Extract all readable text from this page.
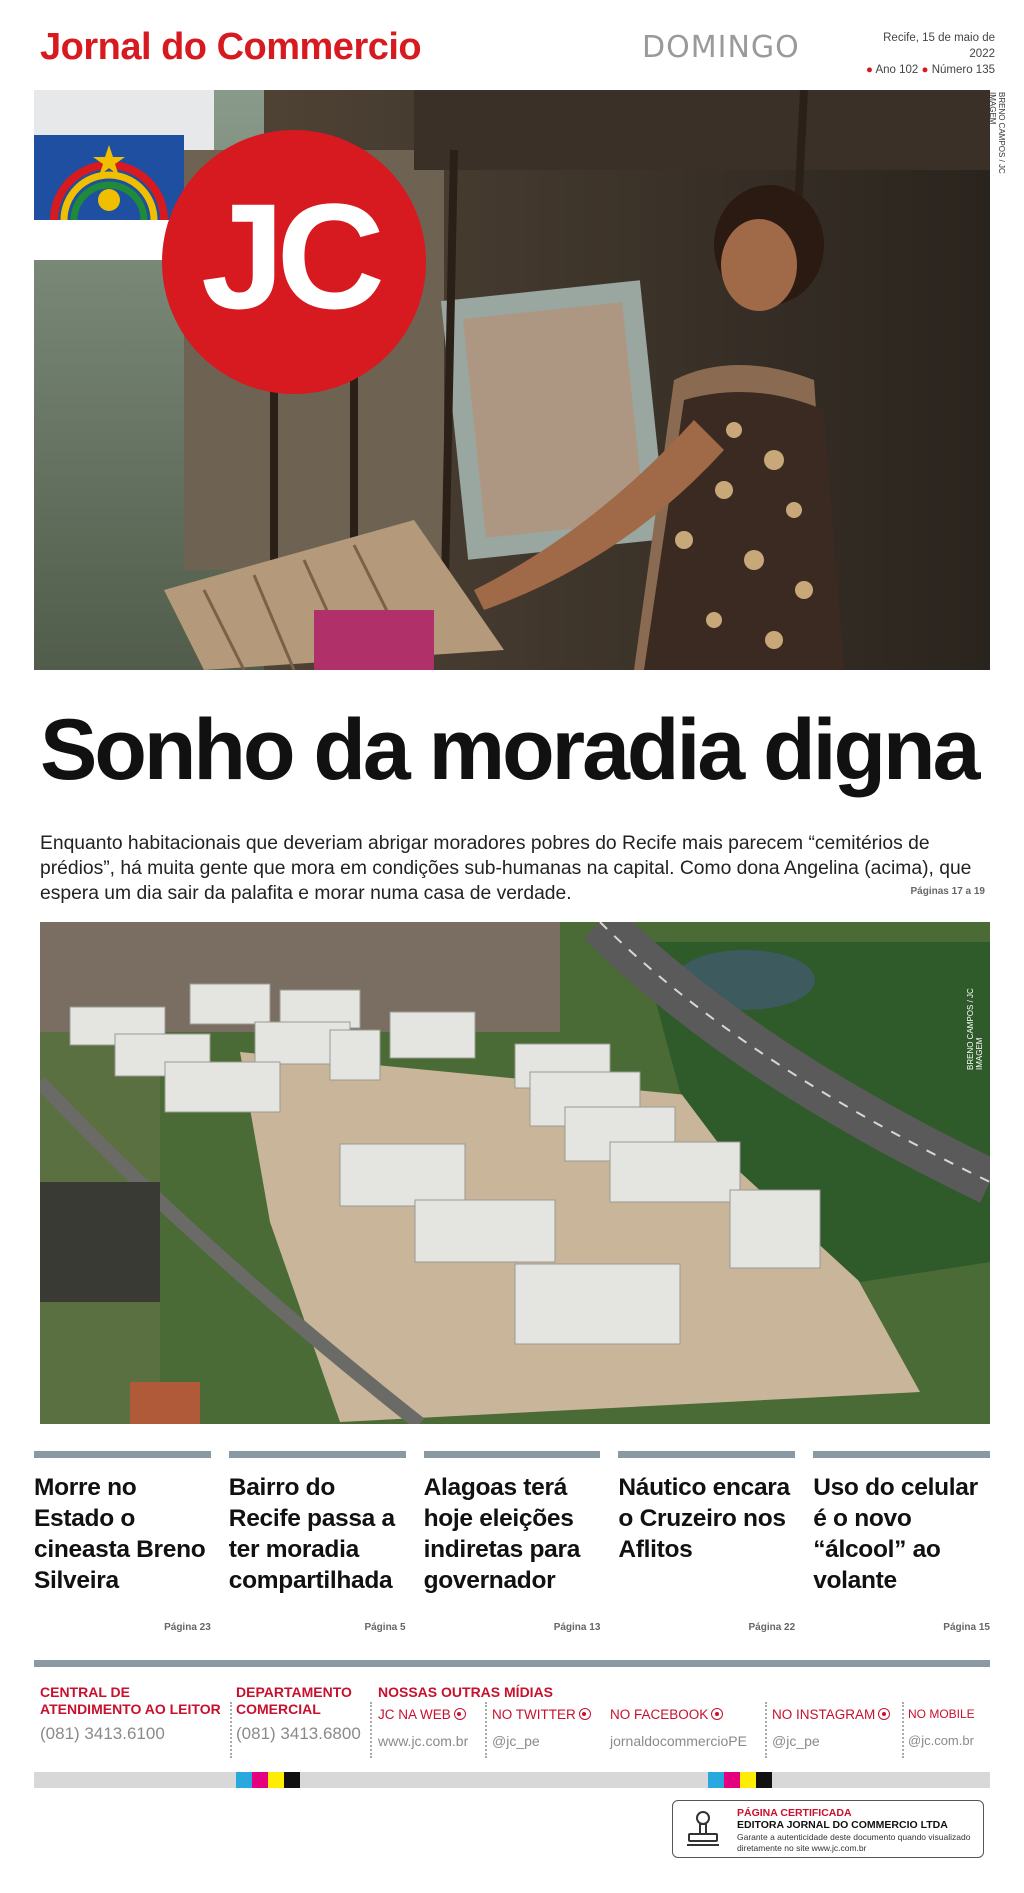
Jornal do Commercio	DOMINGO	Recife, 15 de maio de 2022
● Ano 102 ● Número 135
JC
BRENO CAMPOS / JC IMAGEM
Sonho da moradia digna

Enquanto habitacionais que deveriam abrigar moradores pobres do Recife mais parecem “cemitérios de prédios”, há muita gente que mora em condições sub-humanas na capital. Como dona Angelina (acima), que espera um dia sair da palafita e morar numa casa de verdade.	Páginas 17 a 19
BRENO CAMPOS / JC IMAGEM
Morre no Estado o cineasta Breno Silveira
Página 23
Bairro do Recife passa a ter moradia compartilhada
Página 5
Alagoas terá hoje eleições indiretas para governador
Página 13
Náutico encara o Cruzeiro nos Aflitos
Página 22
Uso do celular é o novo “álcool” ao volante
Página 15
CENTRAL DE ATENDIMENTO AO LEITOR
(081) 3413.6100
DEPARTAMENTO COMERCIAL
(081) 3413.6800
NOSSAS OUTRAS MÍDIAS
JC NA WEB
www.jc.com.br
NO TWITTER
@jc_pe
NO FACEBOOK
jornaldocommercioPE
NO INSTAGRAM
@jc_pe
NO MOBILE
@jc.com.br
PÁGINA CERTIFICADA
EDITORA JORNAL DO COMMERCIO LTDA
Garante a autenticidade deste documento quando visualizado diretamente no site www.jc.com.br
